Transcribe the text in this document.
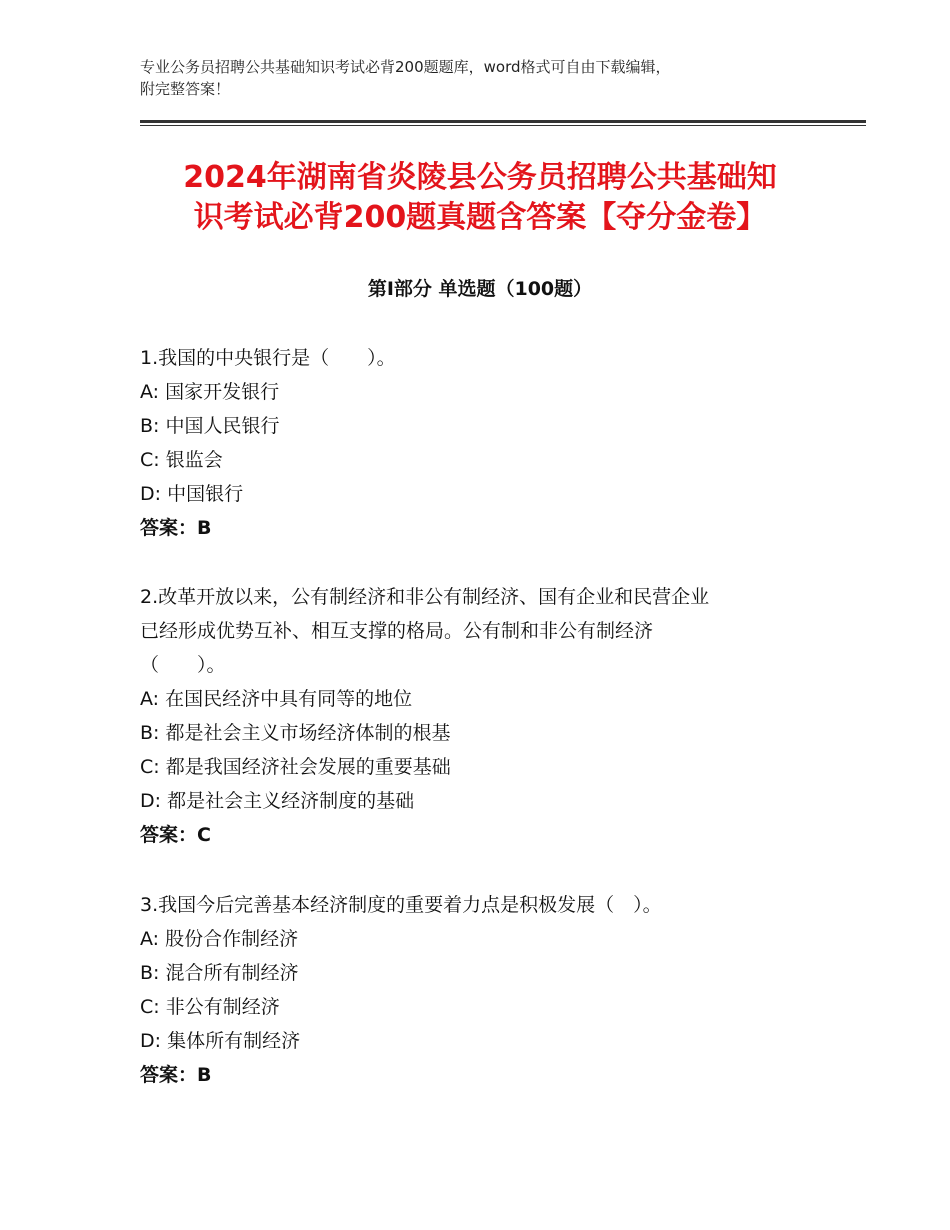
专业公务员招聘公共基础知识考试必背200题题库，word格式可自由下载编辑，
附完整答案！
2024年湖南省炎陵县公务员招聘公共基础知
识考试必背200题真题含答案【夺分金卷】
第Ⅰ部分 单选题（100题）
1.我国的中央银行是（　　）。
A: 国家开发银行
B: 中国人民银行
C: 银监会
D: 中国银行
答案：B
2.改革开放以来，公有制经济和非公有制经济、国有企业和民营企业
已经形成优势互补、相互支撑的格局。公有制和非公有制经济
（　　）。
A: 在国民经济中具有同等的地位
B: 都是社会主义市场经济体制的根基
C: 都是我国经济社会发展的重要基础
D: 都是社会主义经济制度的基础
答案：C
3.我国今后完善基本经济制度的重要着力点是积极发展（　）。
A: 股份合作制经济
B: 混合所有制经济
C: 非公有制经济
D: 集体所有制经济
答案：B
